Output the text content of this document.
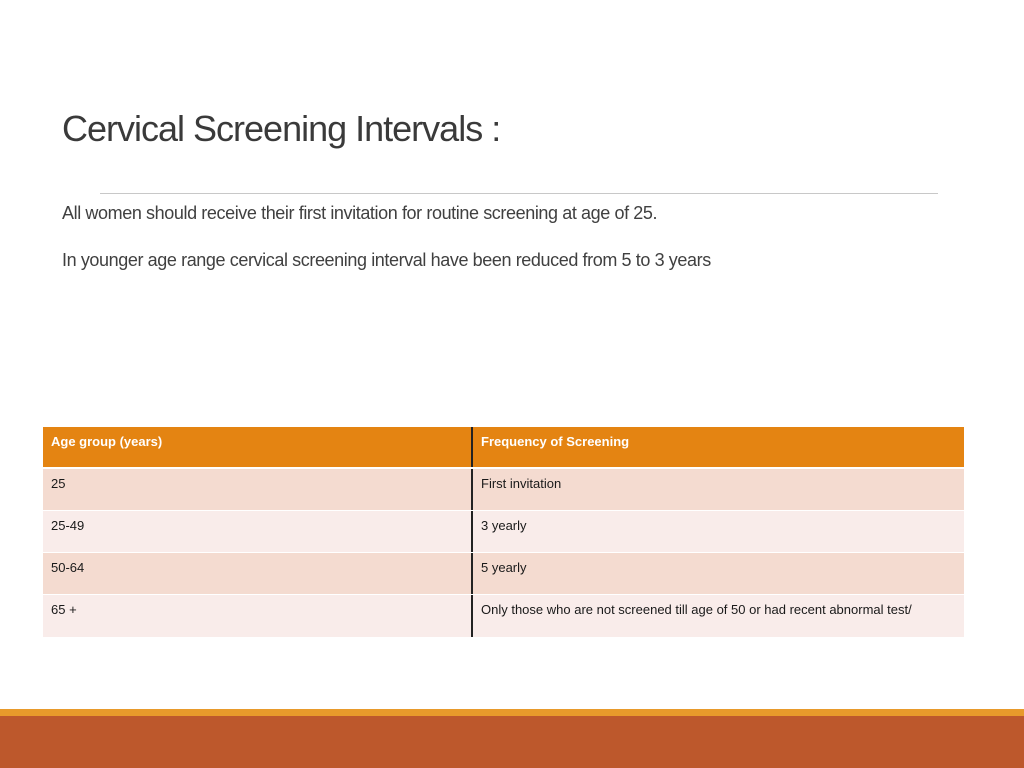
Cervical Screening Intervals :
All women should receive their first invitation for routine screening at age of 25.
In younger age range cervical screening interval have been reduced from 5 to 3 years
Age group (years)	Frequency of Screening
25	First invitation
25-49	3 yearly
50-64	5 yearly
65 +	Only those who are not screened till age of 50 or had recent abnormal test/
